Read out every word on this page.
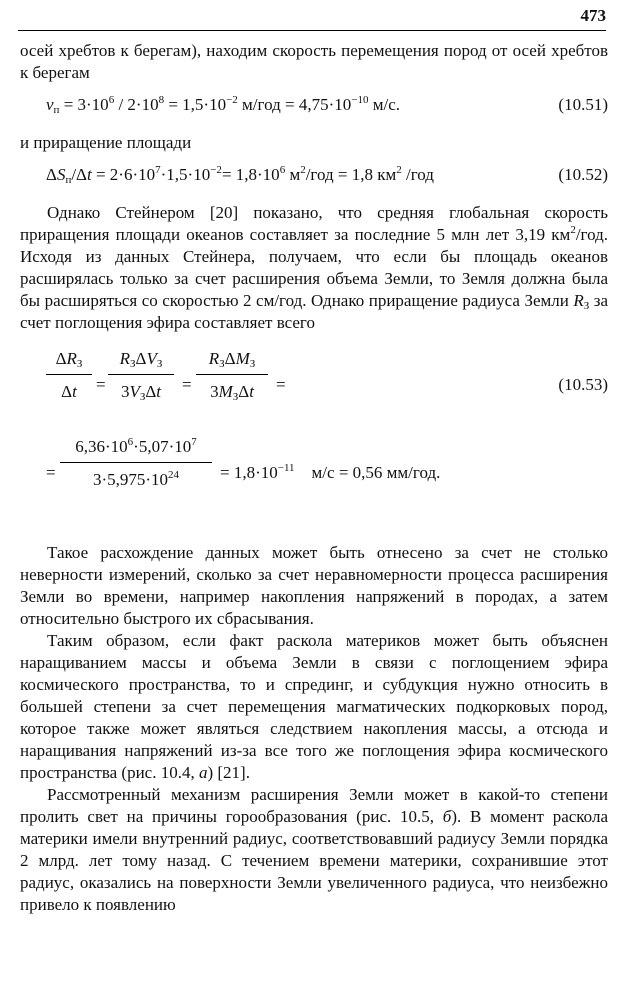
473

осей хребтов к берегам), находим скорость перемещения пород от осей хребтов к берегам

$v_п = 3\cdot 10^6 / 2\cdot 10^8 = 1,5\cdot 10^{-2}$ $м/год = 4,75\cdot 10^{-10}$ м/с.	(10.51)

и приращение площади

$\Delta S_п/\Delta t = 2\cdot 6\cdot 10^7\cdot 1,5\cdot 10^{-2}= 1,8\cdot 10^6$ $м^2$/год = 1,8 $км^2$ /год	(10.52)

Однако Стейнером [20] показано, что средняя глобальная скорость приращения площади океанов составляет за последние 5 млн лет 3,19 $км^2$/год. Исходя из данных Стейнера, получаем, что если бы площадь океанов расширялась только за счет расширения объема Земли, то Земля должна была бы расширяться со скоростью 2 см/год. Однако приращение радиуса Земли $R_З$ за счет поглощения эфира составляет всего

$\Delta R_З$
Δt	=
$R_З\Delta V_З$
$3V_З\Delta t$	=
$R_З\Delta M_З$
$3M_З\Delta t$	=	(10.53)
=
$6,36\cdot 10^6\cdot 5,07\cdot 10^7$
$3\cdot 5,975\cdot 10^{24}$	= $1,8\cdot 10^{-11}$    м/с = 0,56 мм/год.

Такое расхождение данных может быть отнесено за счет не столько неверности измерений, сколько за счет неравномерности процесса расширения Земли во времени, например накопления напряжений в породах, а затем относительно быстрого их сбрасывания.

Таким образом, если факт раскола материков может быть объяснен наращиванием массы и объема Земли в связи с поглощением эфира космического пространства, то и спрединг, и субдукция нужно относить в большей степени за счет перемещения магматических подкорковых пород, которое также может являться следствием накопления массы, а отсюда и наращивания напряжений из-за все того же поглощения эфира космического пространства (рис. 10.4, а) [21].

Рассмотренный механизм расширения Земли может в какой-то степени пролить свет на причины горообразования (рис. 10.5, б). В момент раскола материки имели внутренний радиус, соответствовавший радиусу Земли порядка 2 млрд. лет тому назад. С течением времени материки, сохранившие этот радиус, оказались на поверхности Земли увеличенного радиуса, что неизбежно привело к появлению
